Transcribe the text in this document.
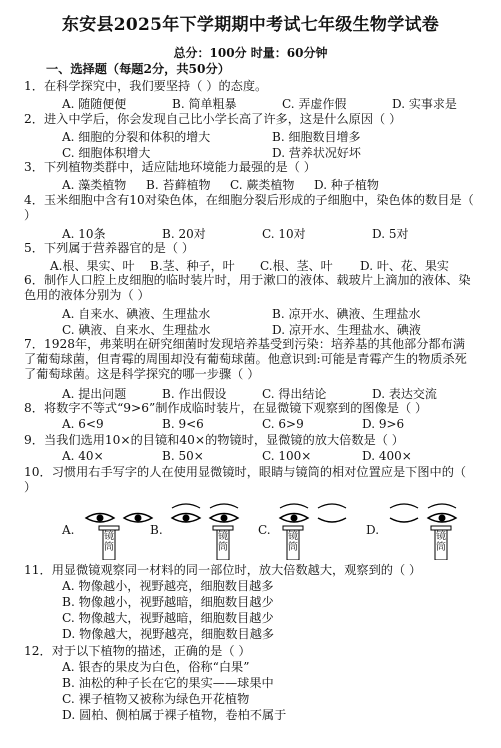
东安县2025年下学期期中考试七年级生物学试卷
总分：100分 时量：60分钟
一、选择题（每题2分，共50分）
1．在科学探究中，我们要坚持（ ）的态度。
A. 随随便便	B. 简单粗暴	C. 弄虚作假	D. 实事求是
2．进入中学后，你会发现自己比小学长高了许多，这是什么原因（ ）
A. 细胞的分裂和体积的增大	B. 细胞数目增多
C. 细胞体积增大	D. 营养状况好坏
3．下列植物类群中，适应陆地环境能力最强的是（ ）
A. 藻类植物 B. 苔藓植物 C. 蕨类植物 D. 种子植物
4．玉米细胞中含有10对染色体，在细胞分裂后形成的子细胞中，染色体的数目是（ ）
A. 10条	B. 20对	C. 10对	D. 5对
5．下列属于营养器官的是（ ）
A.根、果实、叶 B.茎、种子，叶 C.根、茎、叶 D. 叶、花、果实
6．制作人口腔上皮细胞的临时装片时，用于漱口的液体、载玻片上滴加的液体、染色用的液体分别为（ ）
A. 自来水、碘液、生理盐水	B. 凉开水、碘液、生理盐水
C. 碘液、自来水、生理盐水	D. 凉开水、生理盐水、碘液
7．1928年，弗莱明在研究细菌时发现培养基受到污染：培养基的其他部分都布满了葡萄球菌，但青霉的周围却没有葡萄球菌。他意识到:可能是青霉产生的物质杀死了葡萄球菌。这是科学探究的哪一步骤（ ）
A. 提出问题	B. 作出假设	C. 得出结论	D. 表达交流
8．将数字不等式“9>6”制作成临时装片，在显微镜下观察到的图像是（ ）
A. 6<9	B. 9<6	C. 6>9	D. 9>6
9．当我们选用10×的目镜和40×的物镜时，显微镜的放大倍数是（ ）
A. 40×	B. 50×	C. 100×	D. 400×
10．习惯用右手写字的人在使用显微镜时，眼睛与镜筒的相对位置应是下图中的（ ）
A.	B.	C.	D.
镜筒
镜筒
镜筒
镜筒
11．用显微镜观察同一材料的同一部位时，放大倍数越大，观察到的（ ）
A. 物像越小，视野越亮，细胞数目越多
B. 物像越小，视野越暗，细胞数目越少
C. 物像越大，视野越暗，细胞数目越少
D. 物像越大，视野越亮，细胞数目越多
12．对于以下植物的描述，正确的是（ ）
A. 银杏的果皮为白色，俗称“白果”
B. 油松的种子长在它的果实——球果中
C. 裸子植物又被称为绿色开花植物
D. 圆柏、侧柏属于裸子植物，卷柏不属于
